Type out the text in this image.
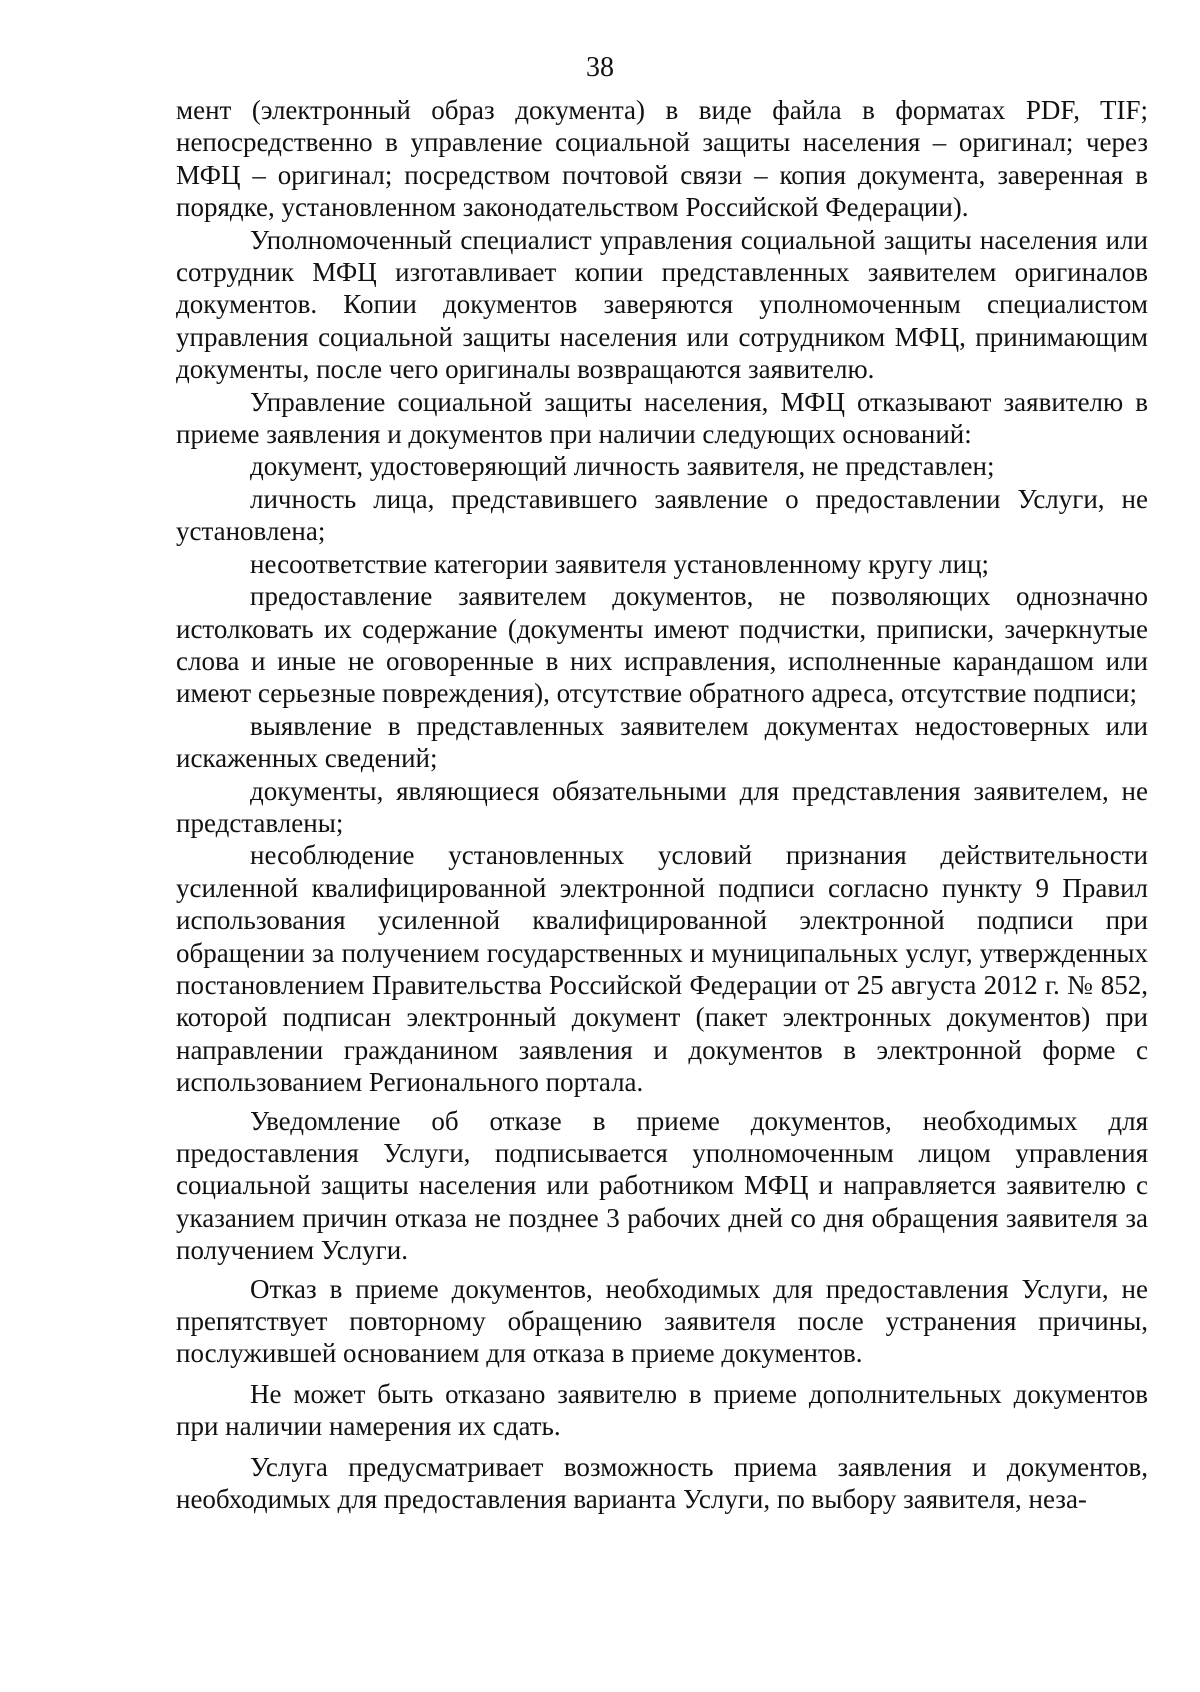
38

мент (электронный образ документа) в виде файла в форматах PDF, TIF; непосредственно в управление социальной защиты населения – оригинал; через МФЦ – оригинал; посредством почтовой связи – копия документа, заверенная в порядке, установленном законодательством Российской Федерации).

Уполномоченный специалист управления социальной защиты населения или сотрудник МФЦ изготавливает копии представленных заявителем оригиналов документов. Копии документов заверяются уполномоченным специалистом управления социальной защиты населения или сотрудником МФЦ, принимающим документы, после чего оригиналы возвращаются заявителю.

Управление социальной защиты населения, МФЦ отказывают заявителю в приеме заявления и документов при наличии следующих оснований:

документ, удостоверяющий личность заявителя, не представлен;

личность лица, представившего заявление о предоставлении Услуги, не установлена;

несоответствие категории заявителя установленному кругу лиц;

предоставление заявителем документов, не позволяющих однозначно истолковать их содержание (документы имеют подчистки, приписки, зачеркнутые слова и иные не оговоренные в них исправления, исполненные карандашом или имеют серьезные повреждения), отсутствие обратного адреса, отсутствие подписи;

выявление в представленных заявителем документах недостоверных или искаженных сведений;

документы, являющиеся обязательными для представления заявителем, не представлены;

несоблюдение установленных условий признания действительности усиленной квалифицированной электронной подписи согласно пункту 9 Правил использования усиленной квалифицированной электронной подписи при обращении за получением государственных и муниципальных услуг, утвержденных постановлением Правительства Российской Федерации от 25 августа 2012 г. № 852, которой подписан электронный документ (пакет электронных документов) при направлении гражданином заявления и документов в электронной форме с использованием Регионального портала.

Уведомление об отказе в приеме документов, необходимых для предоставления Услуги, подписывается уполномоченным лицом управления социальной защиты населения или работником МФЦ и направляется заявителю с указанием причин отказа не позднее 3 рабочих дней со дня обращения заявителя за получением Услуги.

Отказ в приеме документов, необходимых для предоставления Услуги, не препятствует повторному обращению заявителя после устранения причины, послужившей основанием для отказа в приеме документов.

Не может быть отказано заявителю в приеме дополнительных документов при наличии намерения их сдать.

Услуга предусматривает возможность приема заявления и документов, необходимых для предоставления варианта Услуги, по выбору заявителя, неза-
